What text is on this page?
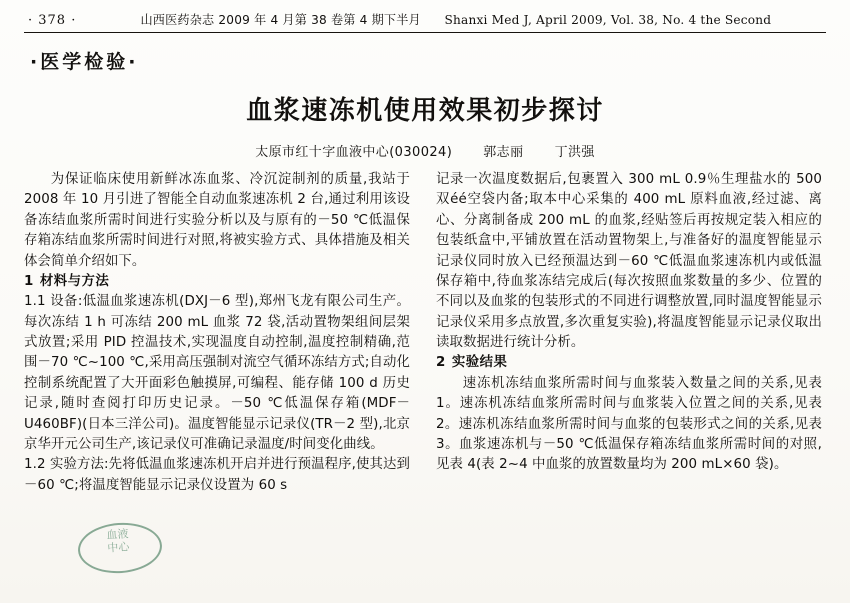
· 378 ·	山西医药杂志 2009 年 4 月第 38 卷第 4 期下半月 Shanxi Med J, April 2009, Vol. 38, No. 4 the Second
·医学检验·
血浆速冻机使用效果初步探讨
太原市红十字血液中心(030024) 郭志丽 丁洪强

为保证临床使用新鲜冰冻血浆、冷沉淀制剂的质量,我站于 2008 年 10 月引进了智能全自动血浆速冻机 2 台,通过利用该设备冻结血浆所需时间进行实验分析以及与原有的－50 ℃低温保存箱冻结血浆所需时间进行对照,将被实验方式、具体措施及相关体会简单介绍如下。

1 材料与方法

1.1 设备:低温血浆速冻机(DXJ－6 型),郑州飞龙有限公司生产。每次冻结 1 h 可冻结 200 mL 血浆 72 袋,活动置物架组间层架式放置;采用 PID 控温技术,实现温度自动控制,温度控制精确,范围－70 ℃~100 ℃,采用高压强制对流空气循环冻结方式;自动化控制系统配置了大开面彩色触摸屏,可编程、能存储 100 d 历史记录,随时查阅打印历史记录。－50 ℃低温保存箱(MDF－U460BF)(日本三洋公司)。温度智能显示记录仪(TR－2 型),北京京华开元公司生产,该记录仪可准确记录温度/时间变化曲线。

1.2 实验方法:先将低温血浆速冻机开启并进行预温程序,使其达到－60 ℃;将温度智能显示记录仪设置为 60 s

记录一次温度数据后,包裹置入 300 mL 0.9％生理盐水的 500 双éé空袋内备;取本中心采集的 400 mL 原料血液,经过滤、离心、分离制备成 200 mL 的血浆,经贴签后再按规定装入相应的包装纸盒中,平铺放置在活动置物架上,与准备好的温度智能显示记录仪同时放入已经预温达到－60 ℃低温血浆速冻机内或低温保存箱中,待血浆冻结完成后(每次按照血浆数量的多少、位置的不同以及血浆的包装形式的不同进行调整放置,同时温度智能显示记录仪采用多点放置,多次重复实验),将温度智能显示记录仪取出读取数据进行统计分析。

2 实验结果

速冻机冻结血浆所需时间与血浆装入数量之间的关系,见表 1。速冻机冻结血浆所需时间与血浆装入位置之间的关系,见表 2。速冻机冻结血浆所需时间与血浆的包装形式之间的关系,见表 3。血浆速冻机与－50 ℃低温保存箱冻结血浆所需时间的对照,见表 4(表 2~4 中血浆的放置数量均为 200 mL×60 袋)。

血液
中心
